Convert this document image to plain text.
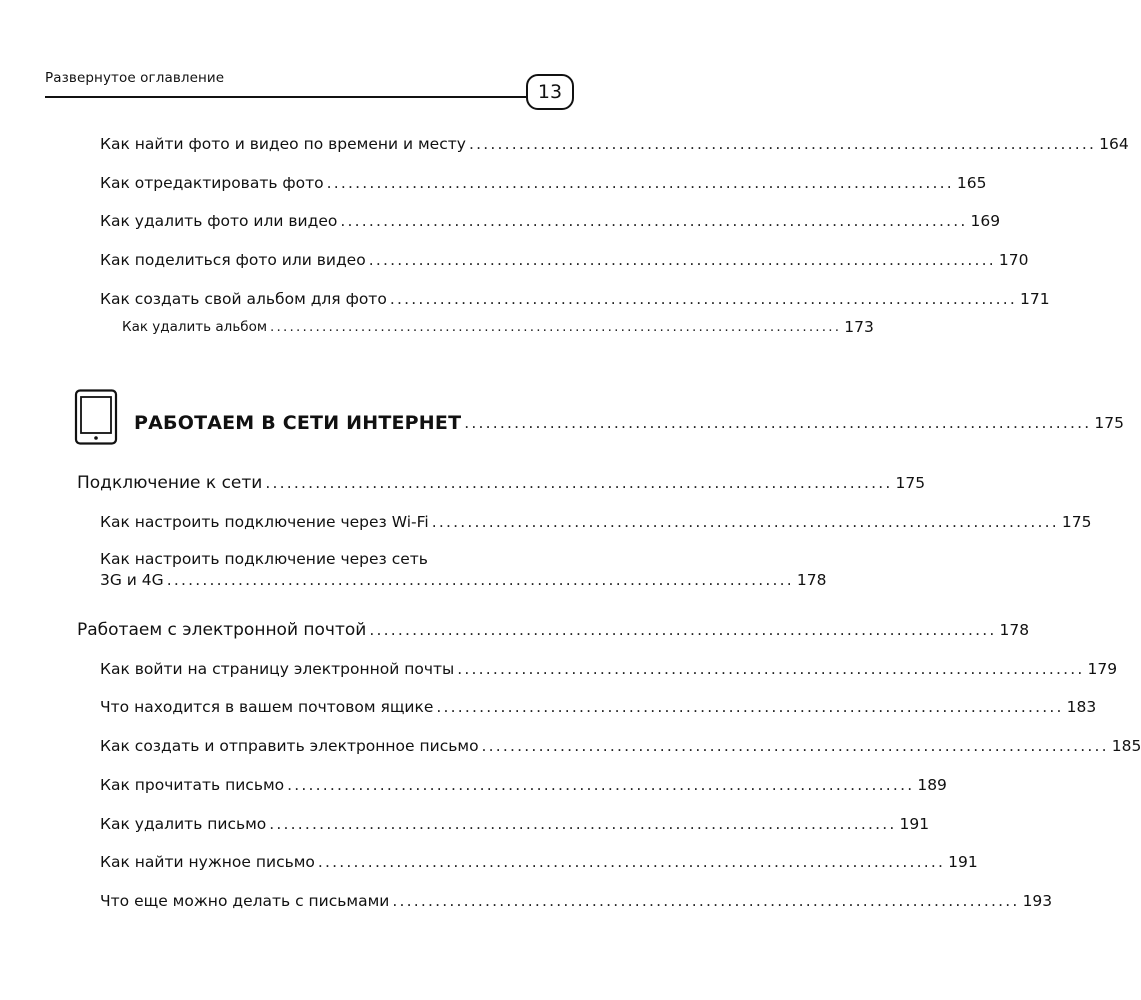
Развернутое оглавление
13
Как найти фото и видео по времени и месту ........................................................................................ 164
Как отредактировать фото ........................................................................................ 165
Как удалить фото или видео ........................................................................................ 169
Как поделиться фото или видео ........................................................................................ 170
Как создать свой альбом для фото ........................................................................................ 171
Как удалить альбом ........................................................................................ 173
РАБОТАЕМ В СЕТИ ИНТЕРНЕТ ........................................................................................ 175
Подключение к сети ........................................................................................ 175
Как настроить подключение через Wi-Fi ........................................................................................ 175
Как настроить подключение через сеть
3G и 4G ........................................................................................ 178
Работаем с электронной почтой ........................................................................................ 178
Как войти на страницу электронной почты ........................................................................................ 179
Что находится в вашем почтовом ящике ........................................................................................ 183
Как создать и отправить электронное письмо ........................................................................................ 185
Как прочитать письмо ........................................................................................ 189
Как удалить письмо ........................................................................................ 191
Как найти нужное письмо ........................................................................................ 191
Что еще можно делать с письмами ........................................................................................ 193
